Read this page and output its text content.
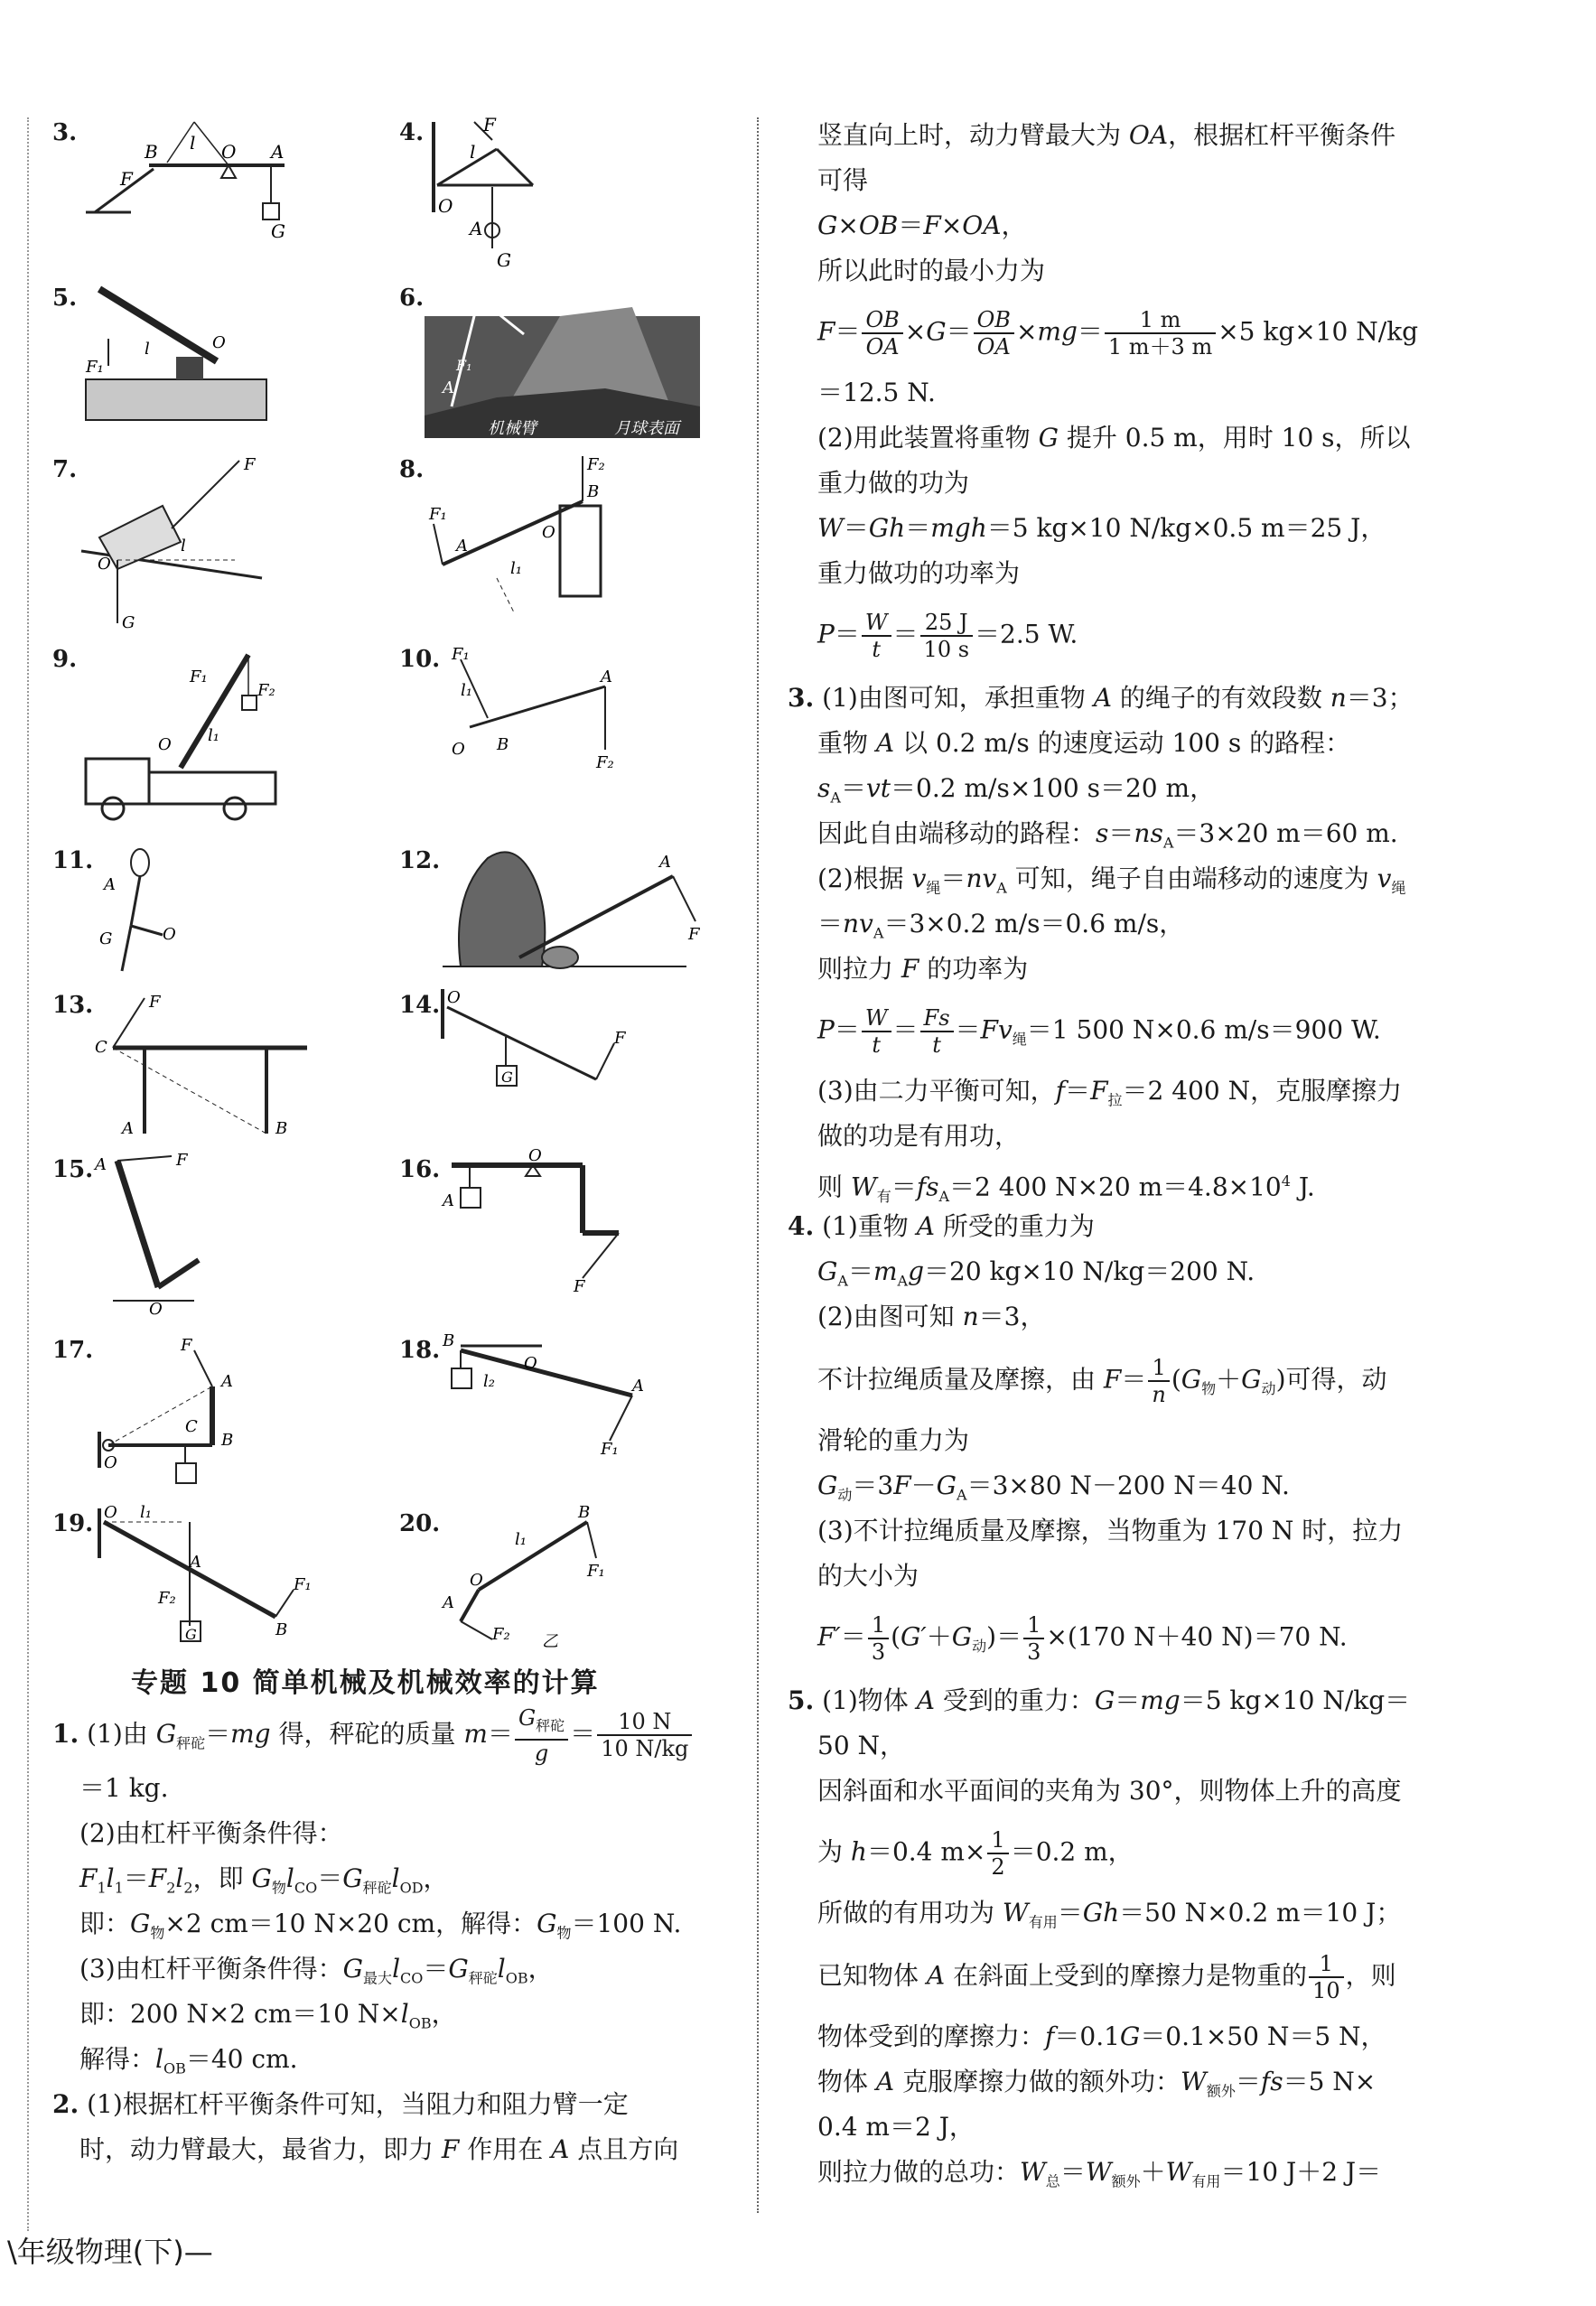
3.
B
F
l O A
G
4.	F
l
O
A
G
5.
F₁
l	O
6.	l O
A
F₁
机械臂	月球表面
7.	F
O
l
G
8.	F₂
B
F₁
A
l₁
O
9.
F₁
F₂
O l₁
10. F₁
l₁
A
B
O
F₂
11.
A
G	O
12.	A
F
13.	F
C
A	B
14. O
F
G
15. A	F
O
16.
O
A
F
17.	F
A
C
B
O
18. B
O
l₂	A
F₁
19. O l₁
A
F₂
F₁
G	B
20.	B
l₁
F₁
O
A
F₂ 乙
专题 10 简单机械及机械效率的计算
1. (1)由 $G_{秤砣}=mg$ 得，秤砣的质量 $m= \frac{G_{秤砣}}{g} = \frac{10 N}{10 N/kg}$
＝1 kg.
(2)由杠杆平衡条件得：
$F_1l_1=F_2l_2$，即 $G_物l_{CO}=G_{秤砣}l_{OD}$，
即：$G_物\times 2$ cm＝10 N×20 cm，解得：$G_物=100$ N.
(3)由杠杆平衡条件得：$G_{最大}l_{CO}=G_{秤砣}l_{OB}$，
即：200 N×2 cm＝10 $N\times l_{OB}$，
解得：$l_{OB}=40$ cm.
2. (1)根据杠杆平衡条件可知，当阻力和阻力臂一定
时，动力臂最大，最省力，即力 F 作用在 A 点且方向
竖直向上时，动力臂最大为 OA，根据杠杆平衡条件
可得
G×OB＝F×OA，
所以此时的最小力为
$F= \frac{OB}{OA} \times G= \frac{OB}{OA} \times mg= \frac{1 m}{1 m+3 m} \times 5$ kg×10 N/kg
＝12.5 N.
(2)用此装置将重物 G 提升 0.5 m，用时 10 s，所以
重力做的功为
W＝Gh＝mgh＝5 kg×10 N/kg×0.5 m＝25 J，
重力做功的功率为
$P= \frac{W}{t} = \frac{25 J}{10 s} =2.5$ W.
3. (1)由图可知，承担重物 A 的绳子的有效段数 n＝3；
重物 A 以 0.2 m/s 的速度运动 100 s 的路程：
$s_A=vt=0.2$ m/s×100 s＝20 m，
因此自由端移动的路程：$s=ns_A=3\times 20$ m＝60 m.
(2)根据 $v_绳=nv_A$ 可知，绳子自由端移动的速度为 $v_绳$
$=nv_A=3\times 0.2$ m/s＝0.6 m/s，
则拉力 F 的功率为
$P= \frac{W}{t} = \frac{Fs}{t} =Fv_绳=1$ 500 N×0.6 m/s＝900 W.
(3)由二力平衡可知，$f=F_拉=2$ 400 N，克服摩擦力
做的功是有用功，
则 $W_有=fs_A=2$ 400 N×20 $m=4.8\times 10^4$ J.
4. (1)重物 A 所受的重力为
$G_A=m_Ag=20$ kg×10 N/kg＝200 N.
(2)由图可知 n＝3，
不计拉绳质量及摩擦，由 $F= \frac{1}{n} (G_物+G_动)$可得，动
滑轮的重力为
$G_动=3F-G_A=3\times 80$ N－200 N＝40 N.
(3)不计拉绳质量及摩擦，当物重为 170 N 时，拉力
的大小为
$F'= \frac{1}{3} (G'+G_动)= \frac{1}{3} \times(170$ N＋40 N)＝70 N.
5. (1)物体 A 受到的重力：G＝mg＝5 kg×10 N/kg＝
50 N，
因斜面和水平面间的夹角为 30°，则物体上升的高度
为 h＝0.4 $m\times \frac{1}{2} =0.2$ m，
所做的有用功为 $W_{有用}=Gh=50$ N×0.2 m＝10 J；
已知物体 A 在斜面上受到的摩擦力是物重的 $\frac{1}{10}$ ，则
物体受到的摩擦力：f＝0.1G＝0.1×50 N＝5 N，
物体 A 克服摩擦力做的额外功：$W_{额外}=fs=5$ N×
0.4 m＝2 J，
则拉力做的总功：$W_总=W_{额外}+W_{有用}=10$ J＋2 J＝
\年级物理(下)—
